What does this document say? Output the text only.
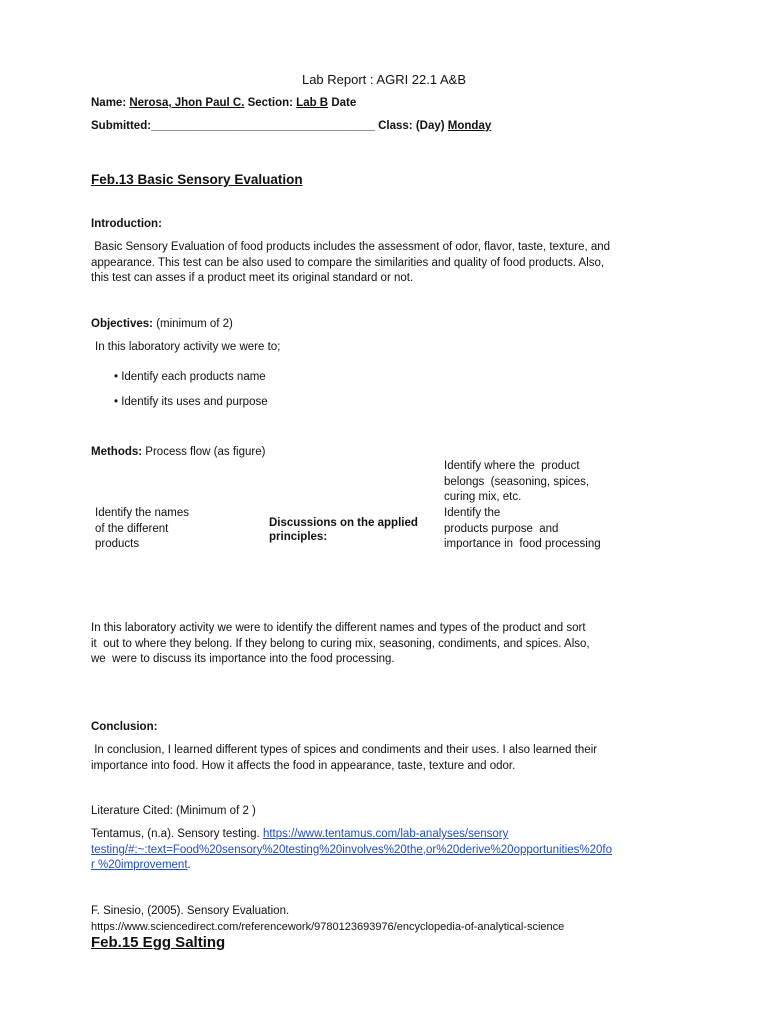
Lab Report : AGRI 22.1 A&B
Name: Nerosa, Jhon Paul C. Section: Lab B Date
Submitted:___________________________________ Class: (Day) Monday
Feb.13 Basic Sensory Evaluation
Introduction:
Basic Sensory Evaluation of food products includes the assessment of odor, flavor, taste, texture, and
appearance. This test can be also used to compare the similarities and quality of food products. Also,
this test can asses if a product meet its original standard or not.
Objectives: (minimum of 2)
In this laboratory activity we were to;
• Identify each products name
• Identify its uses and purpose
Methods: Process flow (as figure)
Identify the names
of the different
products
Discussions on the applied
principles:
Identify where the  product
belongs  (seasoning, spices,
curing mix, etc.
Identify the
products purpose  and
importance in  food processing
In this laboratory activity we were to identify the different names and types of the product and sort
it  out to where they belong. If they belong to curing mix, seasoning, condiments, and spices. Also,
we  were to discuss its importance into the food processing.
Conclusion:
In conclusion, I learned different types of spices and condiments and their uses. I also learned their
importance into food. How it affects the food in appearance, taste, texture and odor.
Literature Cited: (Minimum of 2 )
Tentamus, (n.a). Sensory testing. https://www.tentamus.com/lab-analyses/sensory
testing/#:~:text=Food%20sensory%20testing%20involves%20the,or%20derive%20opportunities%20fo
r %20improvement.
F. Sinesio, (2005). Sensory Evaluation.
https://www.sciencedirect.com/referencework/9780123693976/encyclopedia-of-analytical-science
Feb.15 Egg Salting
